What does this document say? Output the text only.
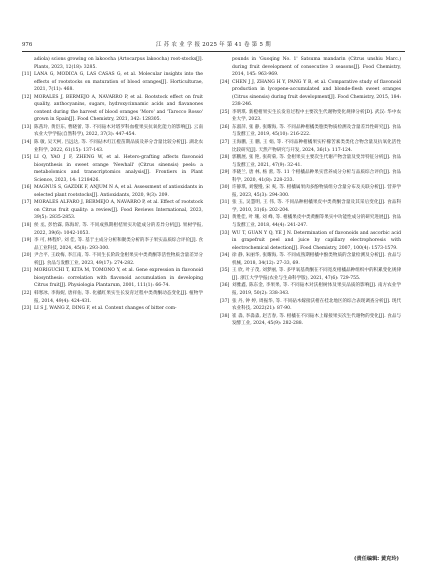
976	江 苏 农 业 学 报 2025 年 第 41 卷 第 5 期
adiola) scions growing on lakoocha (Artocarpus lakoocha) root-stocks[J]. Plants, 2023, 12(18): 3285.
[11] LANA G, MODICA G, LAS CASAS G, et al. Molecular insights into the effects of rootstocks on maturation of blood oranges[J]. Horticulturae, 2021, 7(11): 468.
[12] MORALES J, BERMEJO A, NAVARRO P, et al. Rootstock effect on fruit quality, anthocyanins, sugars, hydroxycinnamic acids and flavanones content during the harvest of blood oranges 'Moro' and 'Tarocco Rosso' grown in Spain[J]. Food Chemistry, 2021, 342: 128305.
[13] 陈茜玲, 黄臣东, 曹晓蕾, 等. 不同砧木对塔罗科血橙果实抗氧化能力的影响[J]. 云南农业大学学报(自然科学), 2022, 37(3): 447-454.
[14] 陈 敏, 吴天柯, 吕远达, 等. 不同砧木红江橙苗期品质及养分含量比较分析[J]. 湖北农业科学, 2022, 61(15): 137-143.
[15] LI Q, YAO J F, ZHENG W, et al. Hetero-grafting affects flavonoid biosynthesis in sweet orange 'Newhall' (Citrus sinensis) peels: a metabolomics and transcriptomics analysis[J]. Frontiers in Plant Science, 2023, 14: 1218426.
[16] MAGNUS S, GAZDIK F, ANJUM N A, et al. Assessment of antioxidants in selected plant rootstocks[J]. Antioxidants, 2020, 9(3): 209.
[17] MORALES ALFARO J, BERMEJO A, NAVARRO P, et al. Effect of rootstock on Citrus fruit quality: a review[J]. Food Reviews International, 2023, 39(5): 2835-2853.
[18] 侯 丞, 彭怡霖, 陈海圻, 等. 不同成熟期柑桔果实功能成分的差异分析[J]. 果树学报, 2022, 39(6): 1042-1053.
[19] 李 可, 林程炉, 刘 佳, 等. 基于主成分分析和聚类分析的李子果实品质综合评价[J]. 食品工业科技, 2024, 45(8): 293-300.
[20] 尹合平, 王政梅, 李江南, 等. 不同生长阶段金柑果实中类黄酮等活性物质含量差异分析[J]. 食品与发酵工业, 2023, 49(17): 274-282.
[21] MORIGUCHI T, KITA M, TOMONO Y, et al. Gene expression in flavonoid biosynthesis: correlation with flavonoid accumulation in developing Citrus fruit[J]. Physiologia Plantarum, 2001, 111(1): 66-74.
[22] 韩寒冰, 李海妮, 唐祥佑, 等. 化橘红果实生长发育过程中类黄酮动态变化[J]. 植物学报, 2014, 49(4): 424-431.
[23] LI S J, WANG Z, DING F, et al. Content changes of bitter com-
pounds in 'Guoqing No. 1' Satsuma mandarin (Citrus unshiu Marc.) during fruit development of consecutive 3 seasons[J]. Food Chemistry, 2014, 145: 963-969.
[24] CHEN J J, ZHANG H Y, PANG Y B, et al. Comparative study of flavonoid production in lycopene-accumulated and blonde-flesh sweet oranges (Citrus sinensis) during fruit development[J]. Food Chemistry, 2015, 184: 238-246.
[25] 李明琪. 新橙柑果实生长发育过程中主要次生代谢物变化规律分析[D]. 武汉: 华中农业大学, 2023.
[26] 东淑萍, 张 静, 张耀海, 等. 不同品种柑橘类胞类物质检测及含量差异性研究[J]. 食品与发酵工业, 2019, 45(10): 216-222.
[27] 王海鹏, 王 鹏, 王 娟, 等. 不同品种柑橘果实柠檬苦素类类化合物含量及抗氧化活性比较研究[J]. 天然产物研究与开发, 2024, 36(1): 117-124.
[28] 郭鹏展, 张 艳, 张荷菊, 等. 金柑果实主要次生代谢产物含量及变异特征分析[J]. 食品与发酵工业, 2021, 47(9): 32-41.
[29] 李晓兰, 唐 林, 杨 蕾, 等. 11 个柑橘品种果实营养成分分析与品质综合评价[J]. 食品科学, 2020, 41(8): 228-233.
[30] 许静琪, 刘慢慢, 宋 爽, 等. 柑橘属果肉多酚物质组分含量分布及关联分析[J]. 营养学报, 2023, 45(3): 294-300.
[31] 张 玉, 吴慧明, 王 伟, 等. 不同品种柑橘果皮中类黄酮含量及其采后变化[J]. 食品科学, 2010, 31(6): 202-204.
[32] 黄胜佳, 叶 珊, 刘 峰, 等. 柑橘果皮中类黄酮等果实中功能性成分的研究进展[J]. 食品与发酵工业, 2018, 44(4): 241-247.
[33] WU T, GUAN Y Q, YE J N. Determination of flavonoids and ascorbic acid in grapefruit peel and juice by capillary electrophoresis with electrochemical detection[J]. Food Chemistry, 2007, 100(4): 1573-1579.
[34] 徐 静, 朱丽华, 张耀海, 等. 不同成熟期柑橘中酚类物质的含量检测及分析[J]. 食品与机械, 2018, 34(12): 27-33, 69.
[35] 王 欣, 叶子茂, 刘梦丽, 等. 多甲氧基黄酮在不同宽皮柑橘品种组织中的积累变化规律[J]. 浙江大学学报(农业与生命科学版), 2021, 47(6): 729-755.
[36] 刘雅鑫, 陈东金, 李果果, 等. 不同砧木对沃柑树体及果实品质的影响[J]. 南方农业学报, 2019, 50(2): 338-343.
[37] 张 丹, 钟 婷, 周振华, 等. 不同砧木嫁接沃柑在桂北地区的综合表现调查分析[J]. 现代农业科技, 2022(21): 87-90.
[38] 崔 淼, 李淼淼, 赵吉春, 等. 柑橘在不同砧木上嫁接果实次生代谢物的变化[J]. 食品与发酵工业, 2024, 45(9): 282-288.
(责任编辑: 黄克玲)
